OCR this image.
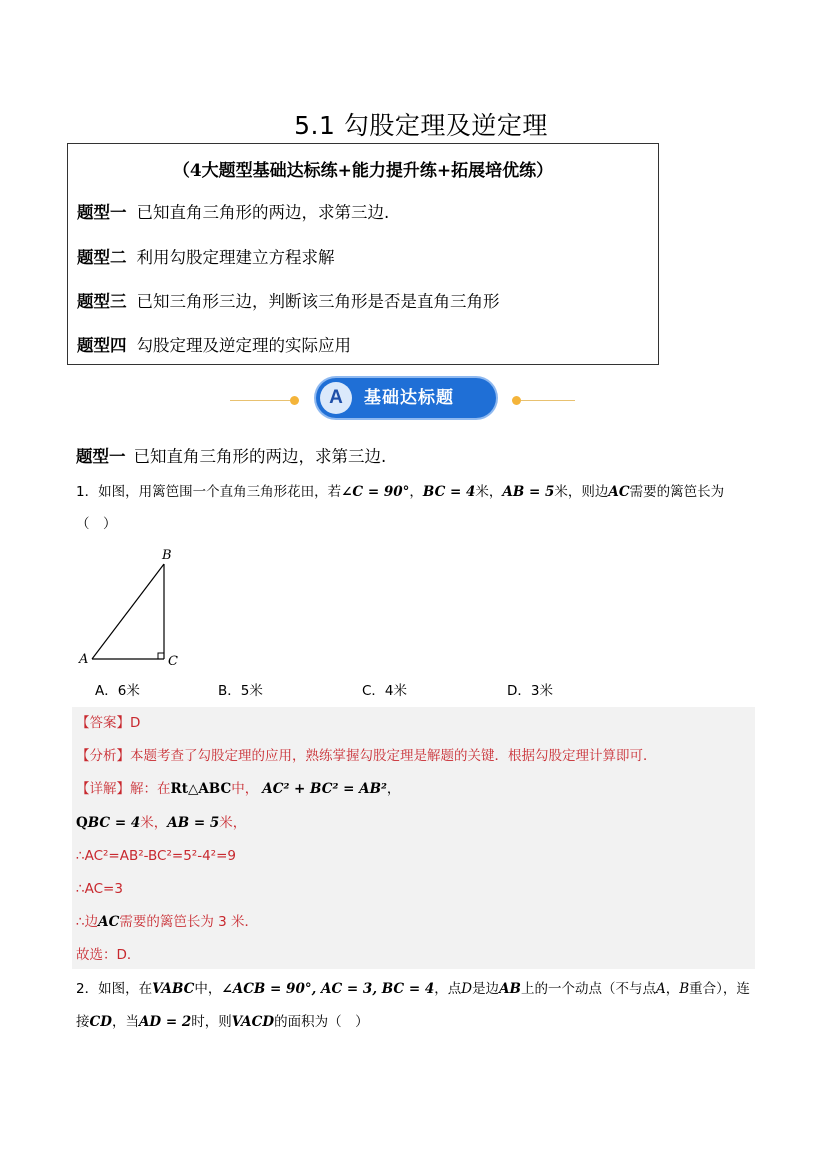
5.1 勾股定理及逆定理
（4大题型基础达标练+能力提升练+拓展培优练）
题型一 已知直角三角形的两边，求第三边.
题型二 利用勾股定理建立方程求解
题型三 已知三角形三边，判断该三角形是否是直角三角形
题型四 勾股定理及逆定理的实际应用
A	基础达标题
题型一 已知直角三角形的两边，求第三边.
1．如图，用篱笆围一个直角三角形花田，若∠C = 90°，BC = 4米，AB = 5米，则边AC需要的篱笆长为
（　）
B
A	C
A．6米	B．5米	C．4米	D．3米
【答案】D
【分析】本题考查了勾股定理的应用，熟练掌握勾股定理是解题的关键．根据勾股定理计算即可．
【详解】解：在Rt△ABC中， AC² + BC² = AB²，
QBC = 4米，AB = 5米，
∴AC²=AB²-BC²=5²-4²=9
∴AC=3
∴边AC需要的篱笆长为 3 米．
故选：D．
2．如图，在VABC中，∠ACB = 90°, AC = 3, BC = 4，点D是边AB上的一个动点（不与点A，B重合），连
接CD，当AD = 2时，则VACD的面积为（　）
